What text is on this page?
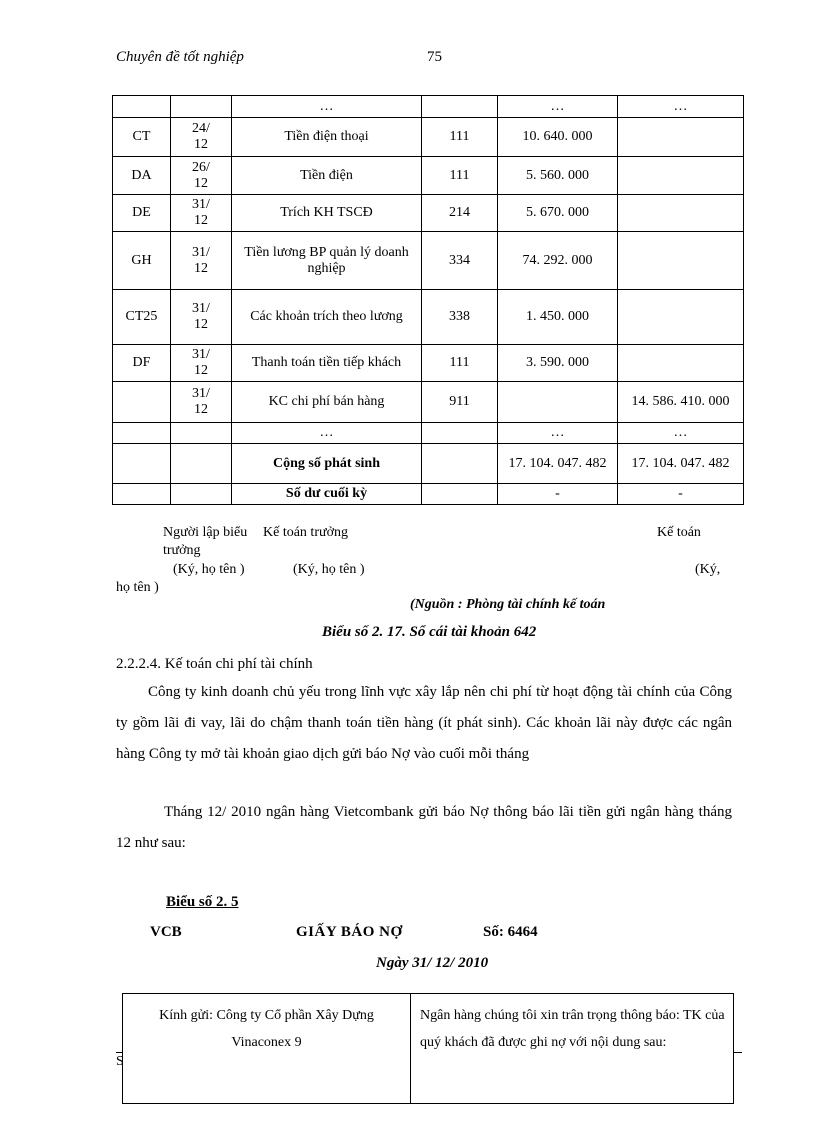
Chuyên đề tốt nghiệp	75
		…		…	…
CT	24/ 12	Tiền điện thoại	111	10. 640. 000	
DA	26/ 12	Tiền điện	111	5. 560. 000	
DE	31/ 12	Trích KH TSCĐ	214	5. 670. 000	
GH	31/ 12	Tiền lương BP quản lý doanh nghiệp	334	74. 292. 000	
CT25	31/ 12	Các khoản trích theo lương	338	1. 450. 000	
DF	31/ 12	Thanh toán tiền tiếp khách	111	3. 590. 000	
	31/ 12	KC chi phí bán hàng	911		14. 586. 410. 000
		…		…	…
		Cộng số phát sinh		17. 104. 047. 482	17. 104. 047. 482
		Số dư cuối kỳ		-	-
Người lập biểu Kế toán trưởng	Kế toán
trưởng
(Ký, họ tên )	(Ký, họ tên )	(Ký,
họ tên )
(Nguồn : Phòng tài chính kế toán
Biểu số 2. 17. Sổ cái tài khoản 642
2.2.2.4. Kế toán chi phí tài chính
Công ty kinh doanh chủ yếu trong lĩnh vực xây lắp nên chi phí từ hoạt động tài chính của Công ty gồm lãi đi vay, lãi do chậm thanh toán tiền hàng (ít phát sinh). Các khoản lãi này được các ngân hàng Công ty mở tài khoản giao dịch gửi báo Nợ vào cuối mỗi tháng
Tháng 12/ 2010 ngân hàng Vietcombank gửi báo Nợ thông báo lãi tiền gửi ngân hàng tháng 12 như sau:
Biểu số 2. 5
VCB	GIẤY BÁO NỢ	Số: 6464
Ngày 31/ 12/ 2010
S
Kính gửi: Công ty Cổ phần Xây Dựng
Vinaconex 9
Ngân hàng chúng tôi xin trân trọng thông báo: TK của quý khách đã được ghi nợ với nội dung sau:
